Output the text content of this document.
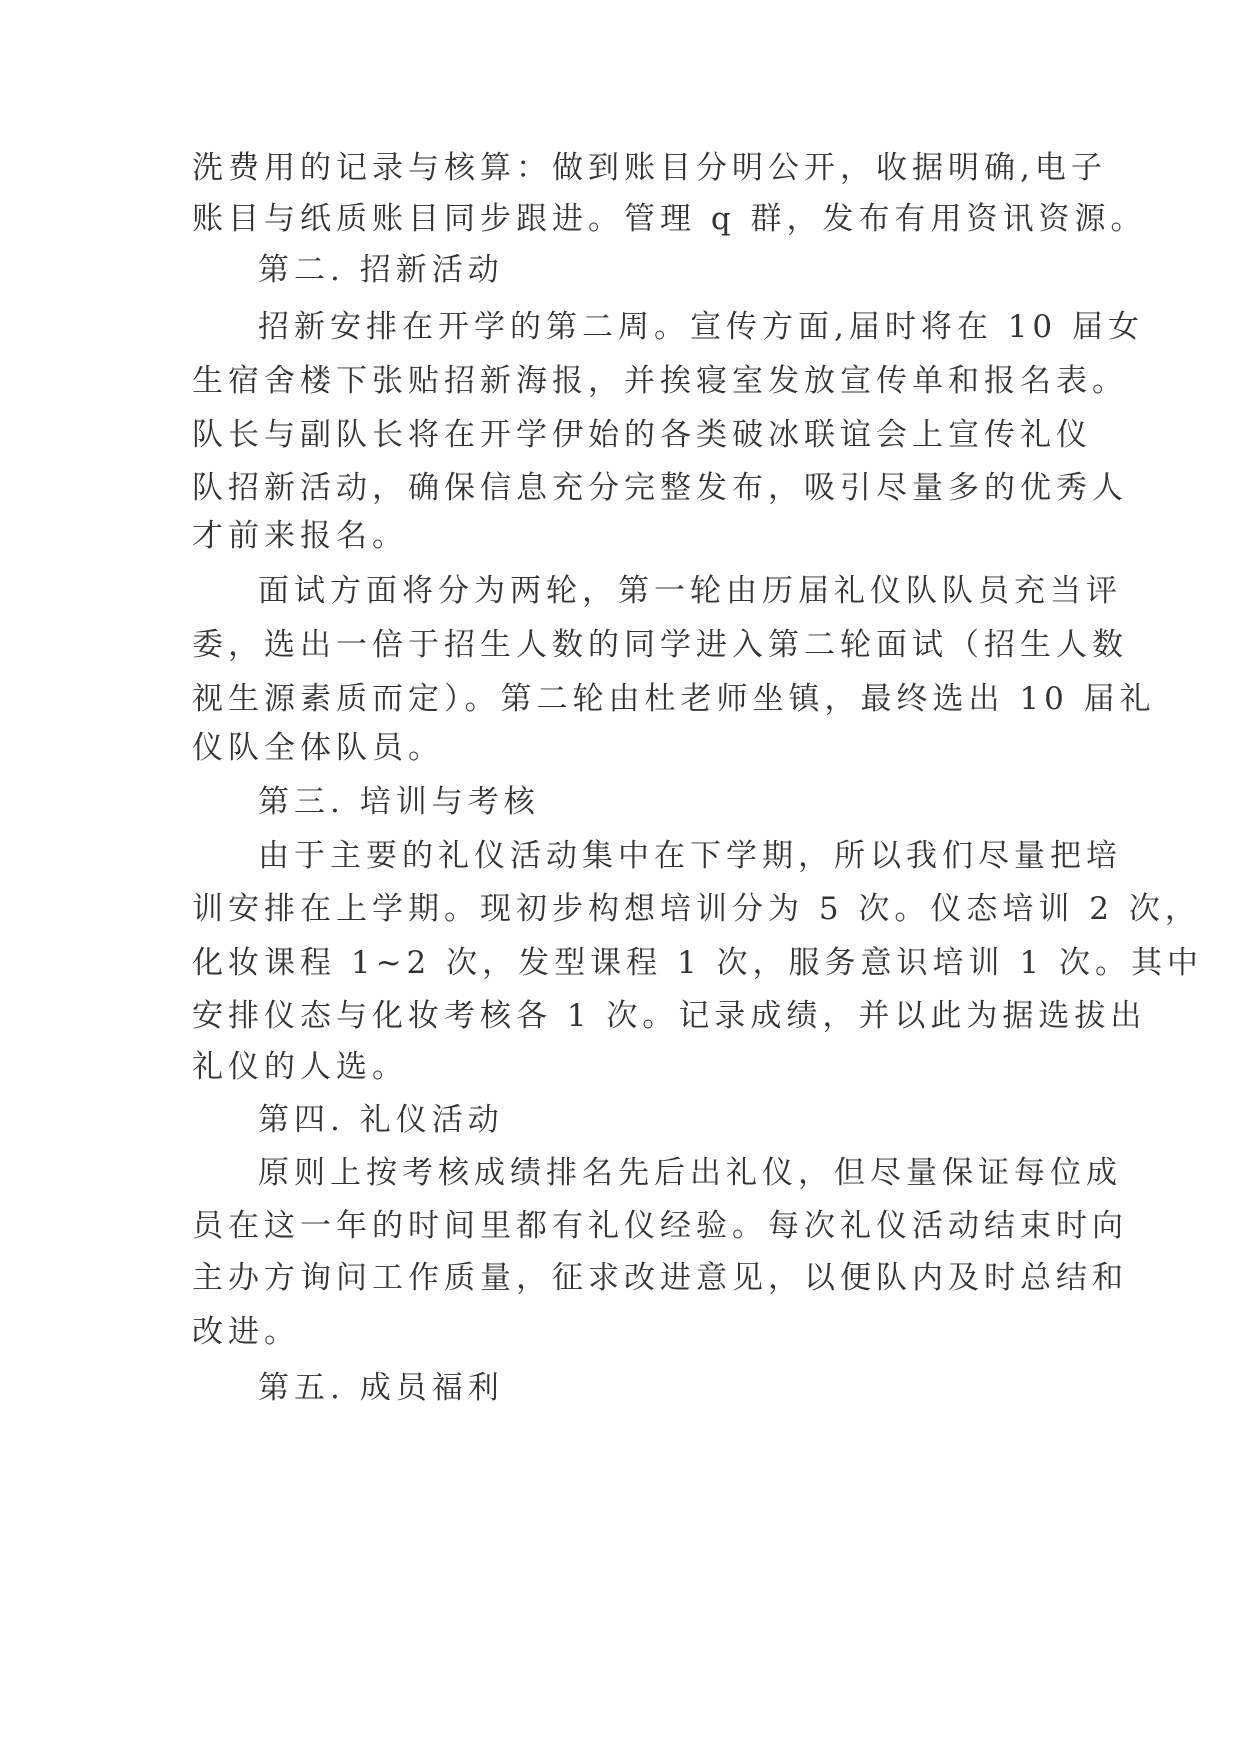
洗费用的记录与核算：做到账目分明公开，收据明确,电子
账目与纸质账目同步跟进。管理 q 群，发布有用资讯资源。
第二. 招新活动
招新安排在开学的第二周。宣传方面,届时将在 10 届女
生宿舍楼下张贴招新海报，并挨寝室发放宣传单和报名表。
队长与副队长将在开学伊始的各类破冰联谊会上宣传礼仪
队招新活动，确保信息充分完整发布，吸引尽量多的优秀人
才前来报名。
面试方面将分为两轮，第一轮由历届礼仪队队员充当评
委，选出一倍于招生人数的同学进入第二轮面试（招生人数
视生源素质而定）。第二轮由杜老师坐镇，最终选出 10 届礼
仪队全体队员。
第三. 培训与考核
由于主要的礼仪活动集中在下学期，所以我们尽量把培
训安排在上学期。现初步构想培训分为 5 次。仪态培训 2 次，
化妆课程 1~2 次，发型课程 1 次，服务意识培训 1 次。其中
安排仪态与化妆考核各 1 次。记录成绩，并以此为据选拔出
礼仪的人选。
第四. 礼仪活动
原则上按考核成绩排名先后出礼仪，但尽量保证每位成
员在这一年的时间里都有礼仪经验。每次礼仪活动结束时向
主办方询问工作质量，征求改进意见，以便队内及时总结和
改进。
第五. 成员福利
